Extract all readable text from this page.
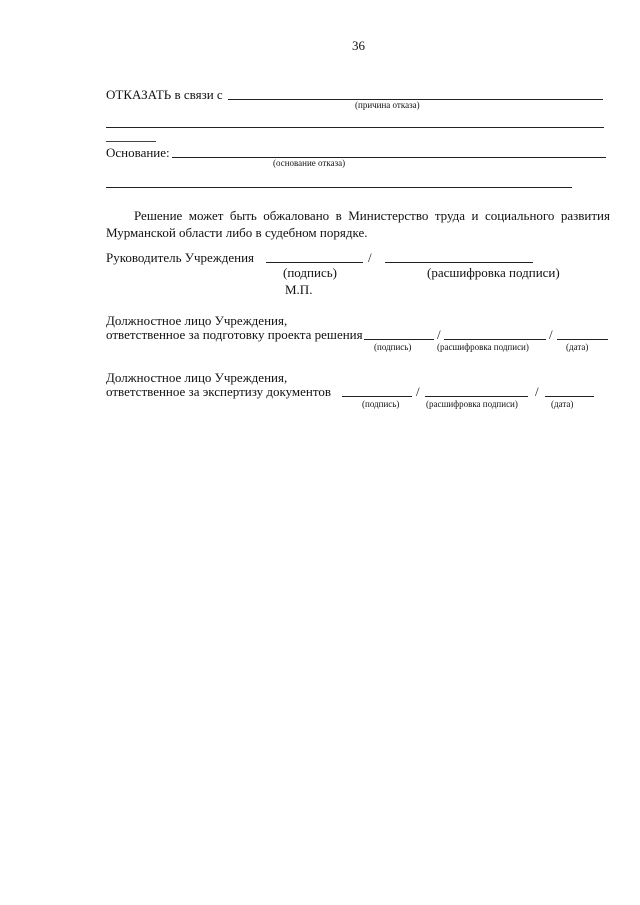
36
ОТКАЗАТЬ в связи с
(причина отказа)
Основание:
(основание отказа)
Решение может быть обжаловано в Министерство труда и социального развития Мурманской области либо в судебном порядке.
Руководитель Учреждения	/
(подпись)	(расшифровка подписи)
М.П.
Должностное лицо Учреждения,
ответственное за подготовку проекта решения	/	/
(подпись)	(расшифровка подписи)	(дата)
Должностное лицо Учреждения,
ответственное за экспертизу документов	/	/
(подпись)	(расшифровка подписи)	(дата)
